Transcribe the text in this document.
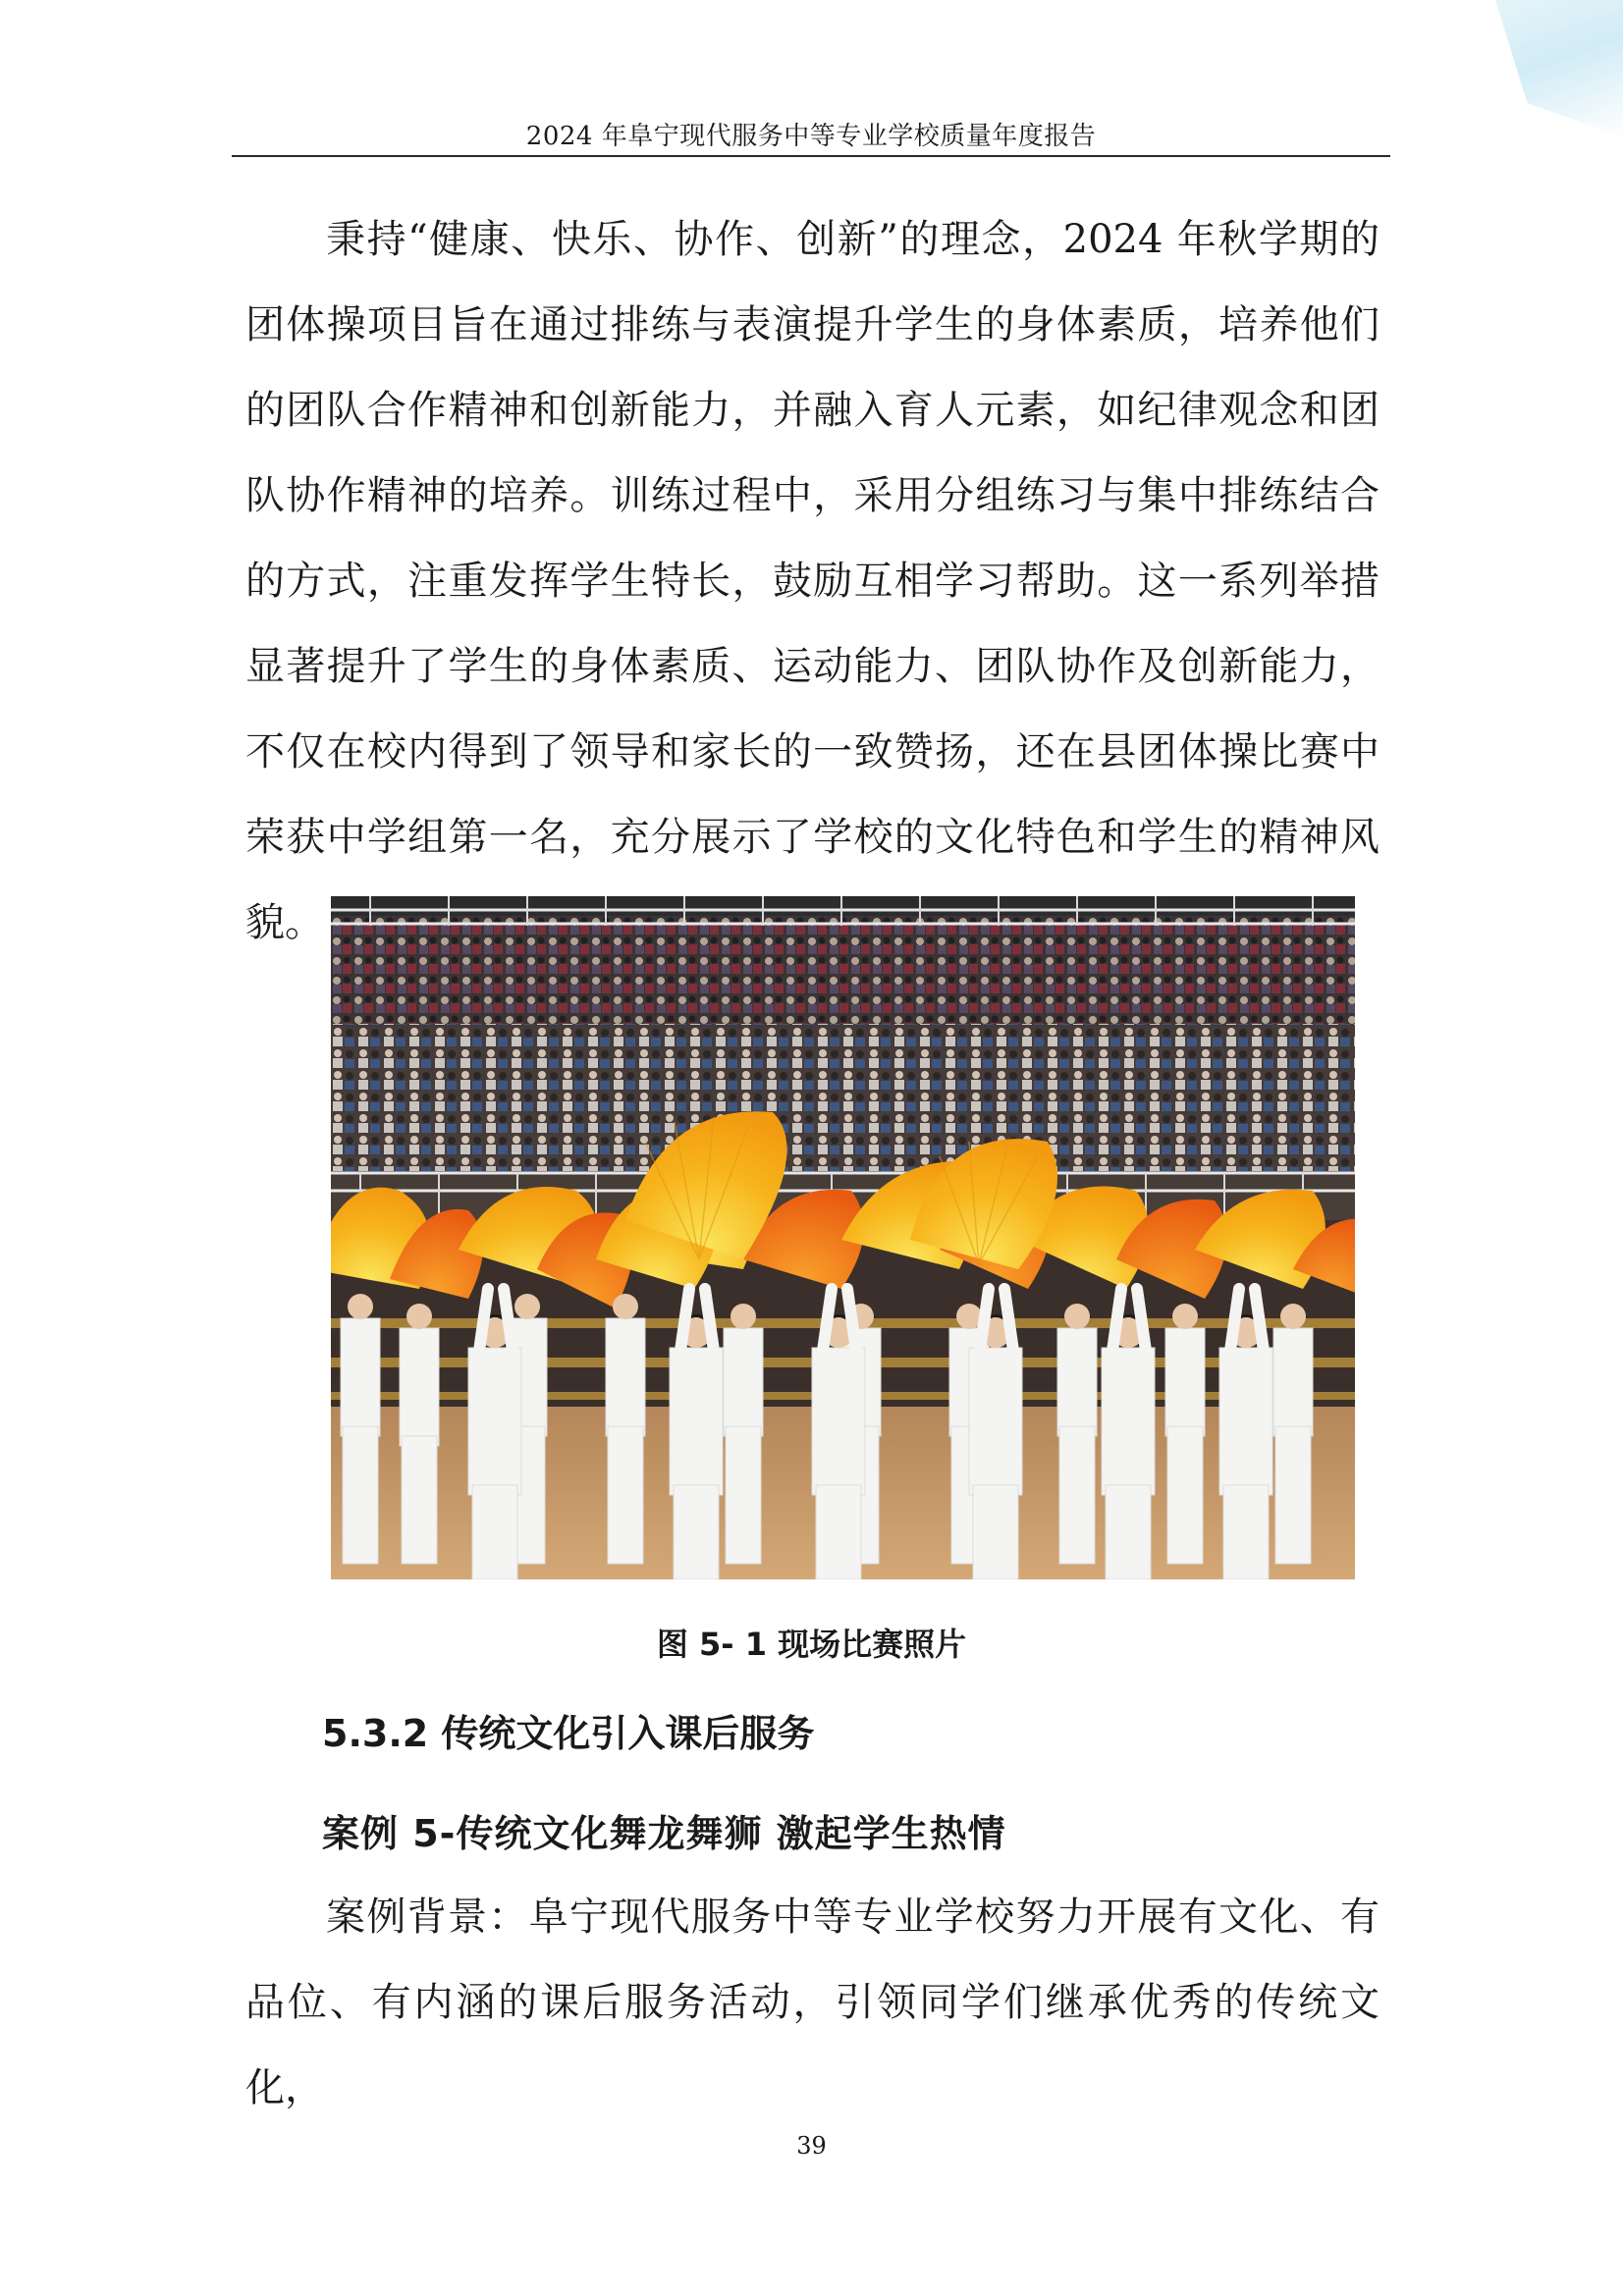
2024 年阜宁现代服务中等专业学校质量年度报告

秉持“健康、快乐、协作、创新”的理念，2024 年秋学期的团体操项目旨在通过排练与表演提升学生的身体素质，培养他们的团队合作精神和创新能力，并融入育人元素，如纪律观念和团队协作精神的培养。训练过程中，采用分组练习与集中排练结合的方式，注重发挥学生特长，鼓励互相学习帮助。这一系列举措显著提升了学生的身体素质、运动能力、团队协作及创新能力，不仅在校内得到了领导和家长的一致赞扬，还在县团体操比赛中荣获中学组第一名，充分展示了学校的文化特色和学生的精神风貌。

图 5- 1 现场比赛照片
5.3.2 传统文化引入课后服务
案例 5-传统文化舞龙舞狮 激起学生热情

案例背景：阜宁现代服务中等专业学校努力开展有文化、有品位、有内涵的课后服务活动，引领同学们继承优秀的传统文化，

39
